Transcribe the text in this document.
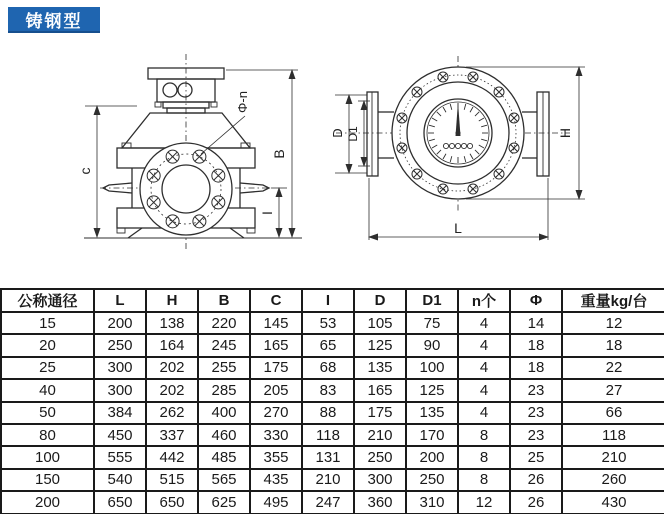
c
B
I
Φ-n
D D1	H
L
铸钢型
公称通径	L	H	B	C	I	D	D1	n个	Φ	重量kg/台
15	200	138	220	145	53	105	75	4	14	12
20	250	164	245	165	65	125	90	4	18	18
25	300	202	255	175	68	135	100	4	18	22
40	300	202	285	205	83	165	125	4	23	27
50	384	262	400	270	88	175	135	4	23	66
80	450	337	460	330	118	210	170	8	23	118
100	555	442	485	355	131	250	200	8	25	210
150	540	515	565	435	210	300	250	8	26	260
200	650	650	625	495	247	360	310	12	26	430
